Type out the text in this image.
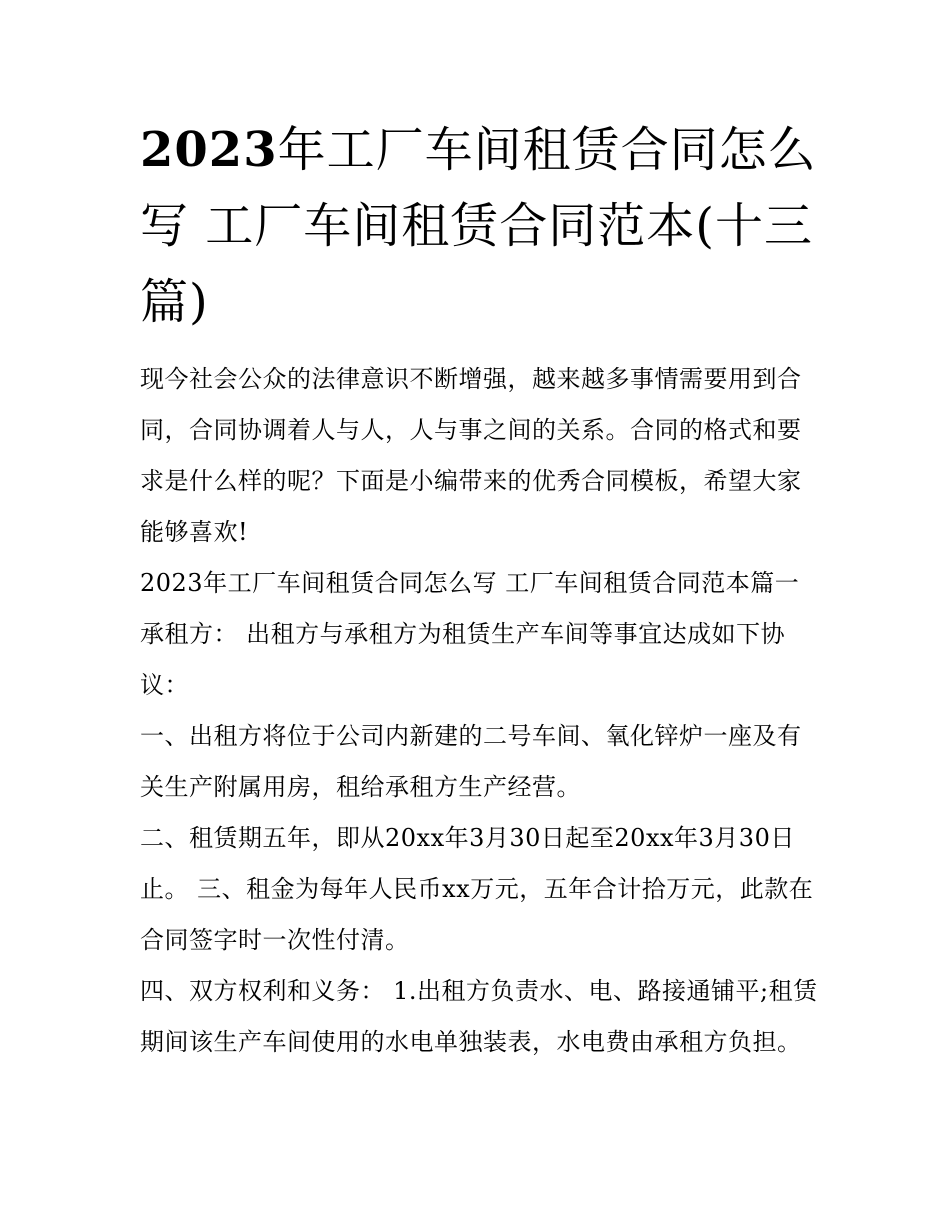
2023年工厂车间租赁合同怎么写 工厂车间租赁合同范本(十三篇)

现今社会公众的法律意识不断增强，越来越多事情需要用到合同，合同协调着人与人，人与事之间的关系。合同的格式和要求是什么样的呢？下面是小编带来的优秀合同模板，希望大家能够喜欢!

2023年工厂车间租赁合同怎么写 工厂车间租赁合同范本篇一

承租方： 出租方与承租方为租赁生产车间等事宜达成如下协议：

一、出租方将位于公司内新建的二号车间、氧化锌炉一座及有关生产附属用房，租给承租方生产经营。

二、租赁期五年，即从20xx年3月30日起至20xx年3月30日止。 三、租金为每年人民币xx万元，五年合计拾万元，此款在合同签字时一次性付清。

四、双方权利和义务： 1.出租方负责水、电、路接通铺平;租赁期间该生产车间使用的水电单独装表，水电费由承租方负担。
